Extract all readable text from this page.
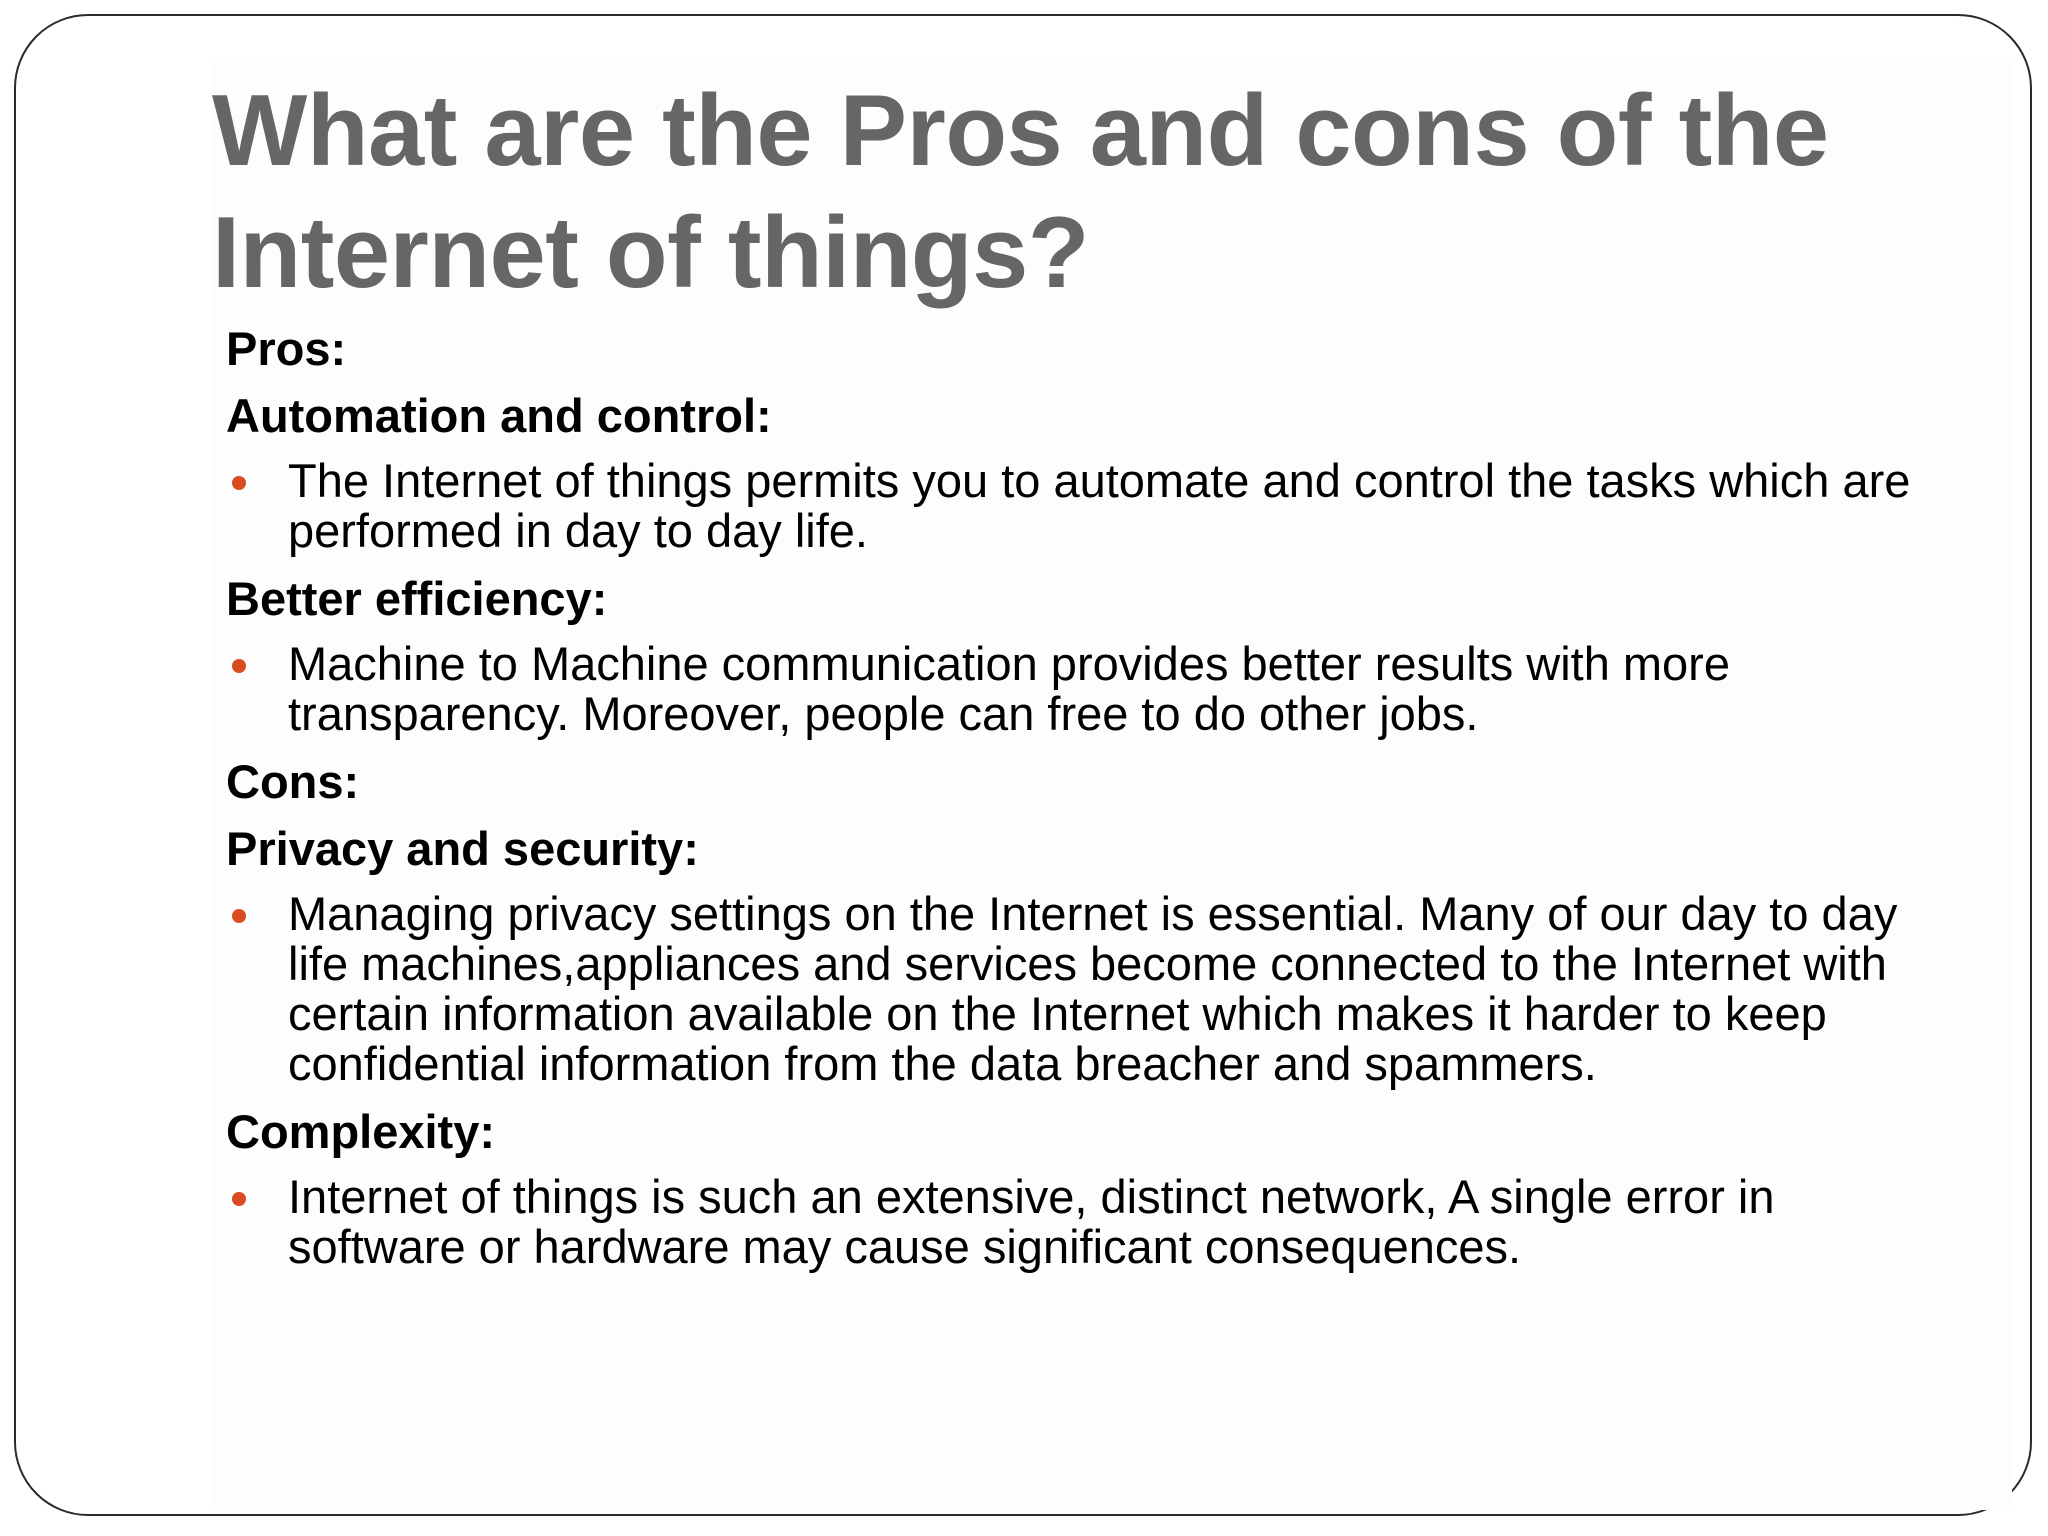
What are the Pros and cons of the
Internet of things?
Pros:
Automation and control:
The Internet of things permits you to automate and control the tasks which are performed in day to day life.
Better efficiency:
Machine to Machine communication provides better results with more transparency. Moreover, people can free to do other jobs.
Cons:
Privacy and security:
Managing privacy settings on the Internet is essential. Many of our day to day life machines,appliances and services become connected to the Internet with certain information available on the Internet which makes it harder to keep confidential information from the data breacher and spammers.
Complexity:
Internet of things is such an extensive, distinct network, A single error in software or hardware may cause significant consequences.
